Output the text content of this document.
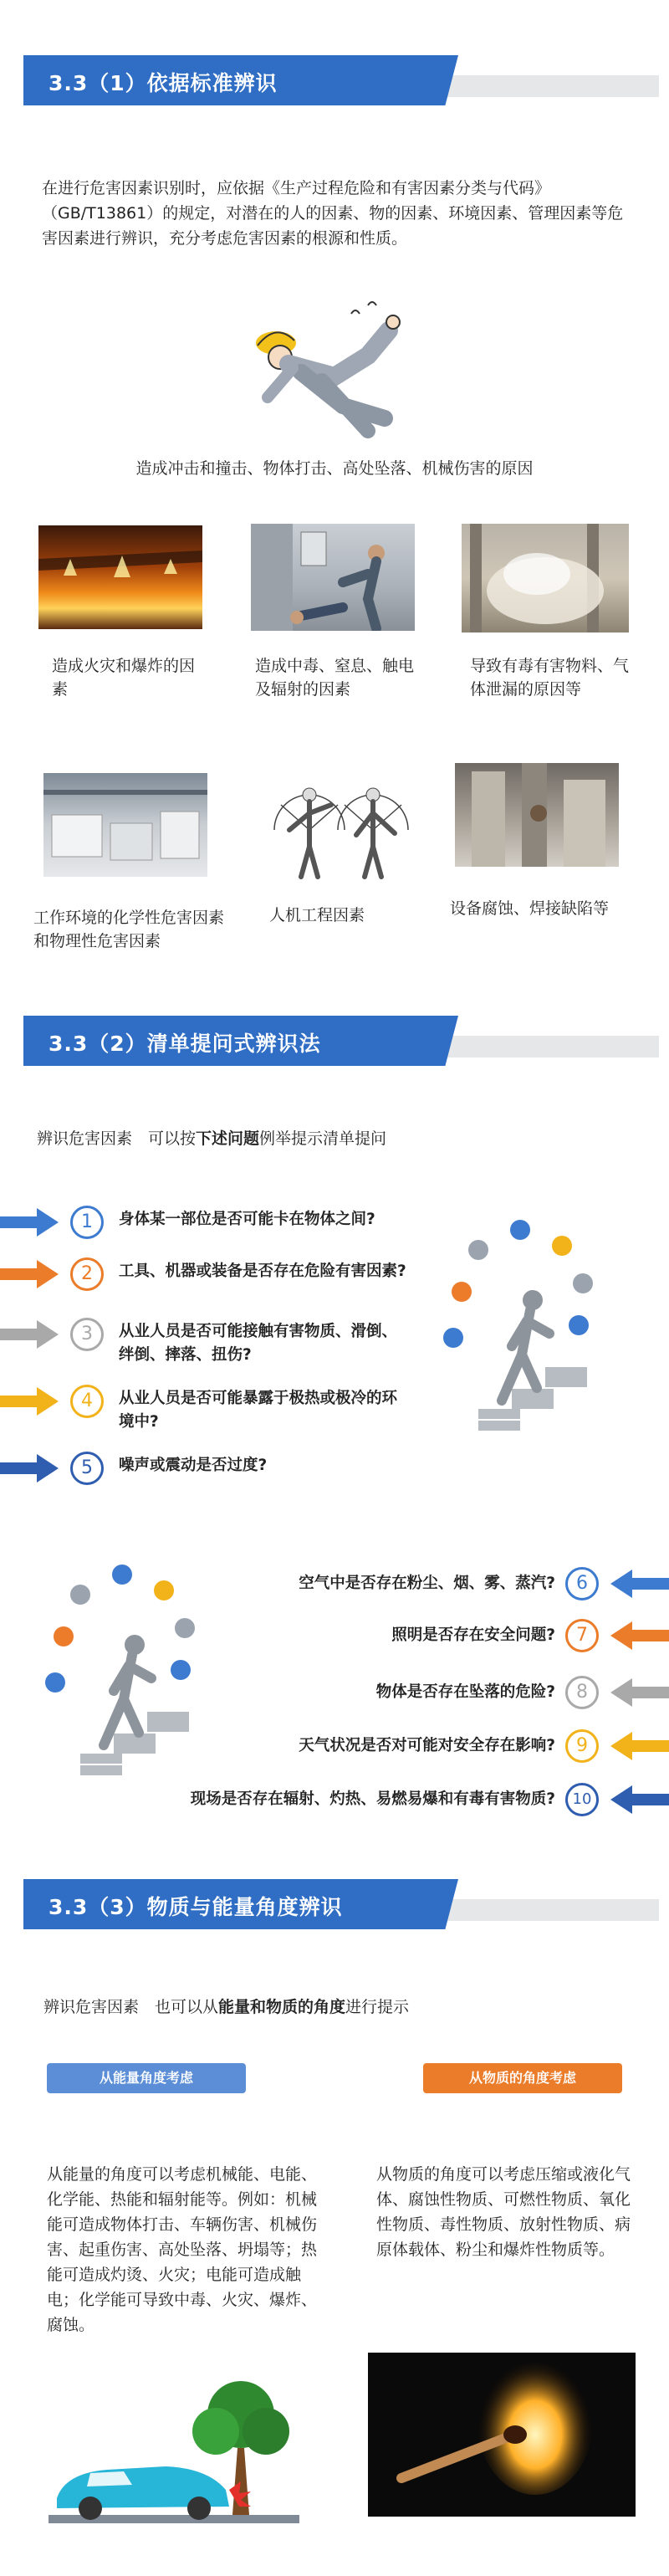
3.3（1）依据标准辨识
在进行危害因素识别时，应依据《生产过程危险和有害因素分类与代码》（GB/T13861）的规定，对潜在的人的因素、物的因素、环境因素、管理因素等危害因素进行辨识，充分考虑危害因素的根源和性质。
造成冲击和撞击、物体打击、高处坠落、机械伤害的原因
造成火灾和爆炸的因素
造成中毒、窒息、触电及辐射的因素
导致有毒有害物料、气体泄漏的原因等
工作环境的化学性危害因素和物理性危害因素
人机工程因素	设备腐蚀、焊接缺陷等
3.3（2）清单提问式辨识法
辨识危害因素　可以按下述问题例举提示清单提问
1	身体某一部位是否可能卡在物体之间?
2	工具、机器或装备是否存在危险有害因素?
3	从业人员是否可能接触有害物质、滑倒、绊倒、摔落、扭伤?
4	从业人员是否可能暴露于极热或极冷的环境中?
5	噪声或震动是否过度?
6
空气中是否存在粉尘、烟、雾、蒸汽?
7
照明是否存在安全问题?
8
物体是否存在坠落的危险?
9
天气状况是否对可能对安全存在影响?
10
现场是否存在辐射、灼热、易燃易爆和有毒有害物质?
3.3（3）物质与能量角度辨识
辨识危害因素　也可以从能量和物质的角度进行提示
从能量角度考虑	从物质的角度考虑
从能量的角度可以考虑机械能、电能、化学能、热能和辐射能等。例如：机械能可造成物体打击、车辆伤害、机械伤害、起重伤害、高处坠落、坍塌等；热能可造成灼烫、火灾；电能可造成触电；化学能可导致中毒、火灾、爆炸、腐蚀。
从物质的角度可以考虑压缩或液化气体、腐蚀性物质、可燃性物质、氧化性物质、毒性物质、放射性物质、病原体载体、粉尘和爆炸性物质等。
